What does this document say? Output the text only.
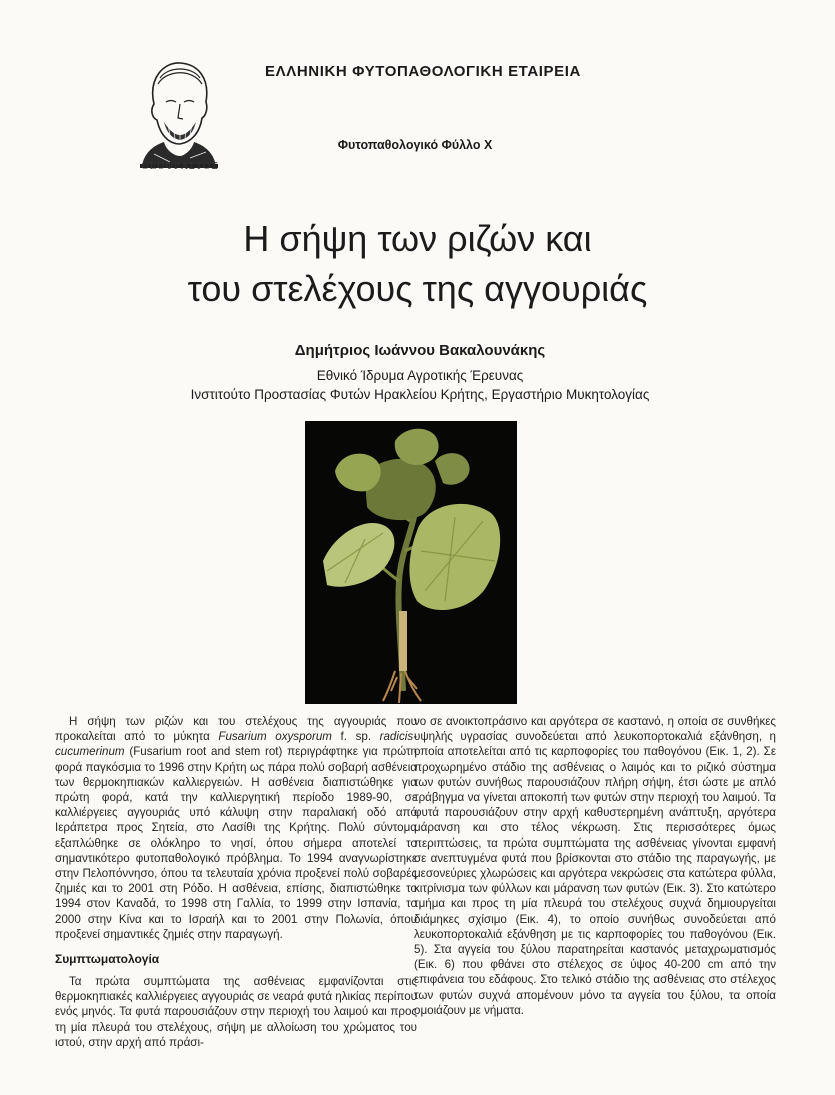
ΘΕΟΦΡΑΣΤΟΣ
ΕΛΛΗΝΙΚΗ ΦΥΤΟΠΑΘΟΛΟΓΙΚΗ ΕΤΑΙΡΕΙΑ
Φυτοπαθολογικό Φύλλο Χ
Η σήψη των ριζών και
του στελέχους της αγγουριάς
Δημήτριος Ιωάννου Βακαλουνάκης
Εθνικό Ίδρυμα Αγροτικής Έρευνας
Ινστιτούτο Προστασίας Φυτών Ηρακλείου Κρήτης, Εργαστήριο Μυκητολογίας

Η σήψη των ριζών και του στελέχους της αγγουριάς που προκαλείται από το μύκητα Fusarium oxysporum f. sp. radicis-cucumerinum (Fusarium root and stem rot) περιγράφτηκε για πρώτη φορά παγκόσμια το 1996 στην Κρήτη ως πάρα πολύ σοβαρή ασθένεια των θερμοκηπιακών καλλιεργειών. Η ασθένεια διαπιστώθηκε για πρώτη φορά, κατά την καλλιεργητική περίοδο 1989-90, σε καλλιέργειες αγγουριάς υπό κάλυψη στην παραλιακή οδό από Ιεράπετρα προς Σητεία, στο Λασίθι της Κρήτης. Πολύ σύντομα εξαπλώθηκε σε ολόκληρο το νησί, όπου σήμερα αποτελεί το σημαντικότερο φυτοπαθολογικό πρόβλημα. Το 1994 αναγνωρίστηκε στην Πελοπόννησο, όπου τα τελευταία χρόνια προξενεί πολύ σοβαρές ζημιές και το 2001 στη Ρόδο. Η ασθένεια, επίσης, διαπιστώθηκε το 1994 στον Καναδά, το 1998 στη Γαλλία, το 1999 στην Ισπανία, το 2000 στην Κίνα και το Ισραήλ και το 2001 στην Πολωνία, όπου προξενεί σημαντικές ζημιές στην παραγωγή.

Συμπτωματολογία

Τα πρώτα συμπτώματα της ασθένειας εμφανίζονται στις θερμοκηπιακές καλλιέργειες αγγουριάς σε νεαρά φυτά ηλικίας περίπου ενός μηνός. Τα φυτά παρουσιάζουν στην περιοχή του λαιμού και προς τη μία πλευρά του στελέχους, σήψη με αλλοίωση του χρώματος του ιστού, στην αρχή από πράσι-

νο σε ανοικτοπράσινο και αργότερα σε καστανό, η οποία σε συνθήκες υψηλής υγρασίας συνοδεύεται από λευκοπορτοκαλιά εξάνθηση, η οποία αποτελείται από τις καρποφορίες του παθογόνου (Εικ. 1, 2). Σε προχωρημένο στάδιο της ασθένειας ο λαιμός και το ριζικό σύστημα των φυτών συνήθως παρουσιάζουν πλήρη σήψη, έτσι ώστε με απλό τράβηγμα να γίνεται αποκοπή των φυτών στην περιοχή του λαιμού. Τα φυτά παρουσιάζουν στην αρχή καθυστερημένη ανάπτυξη, αργότερα μάρανση και στο τέλος νέκρωση. Στις περισσότερες όμως περιπτώσεις, τα πρώτα συμπτώματα της ασθένειας γίνονται εμφανή σε ανεπτυγμένα φυτά που βρίσκονται στο στάδιο της παραγωγής, με μεσονεύριες χλωρώσεις και αργότερα νεκρώσεις στα κατώτερα φύλλα, κιτρίνισμα των φύλλων και μάρανση των φυτών (Εικ. 3). Στο κατώτερο τμήμα και προς τη μία πλευρά του στελέχους συχνά δημιουργείται διάμηκες σχίσιμο (Εικ. 4), το οποίο συνήθως συνοδεύεται από λευκοπορτοκαλιά εξάνθηση με τις καρποφορίες του παθογόνου (Εικ. 5). Στα αγγεία του ξύλου παρατηρείται καστανός μεταχρωματισμός (Εικ. 6) που φθάνει στο στέλεχος σε ύψος 40-200 cm από την επιφάνεια του εδάφους. Στο τελικό στάδιο της ασθένειας στο στέλεχος των φυτών συχνά απομένουν μόνο τα αγγεία του ξύλου, τα οποία ομοιάζουν με νήματα.
